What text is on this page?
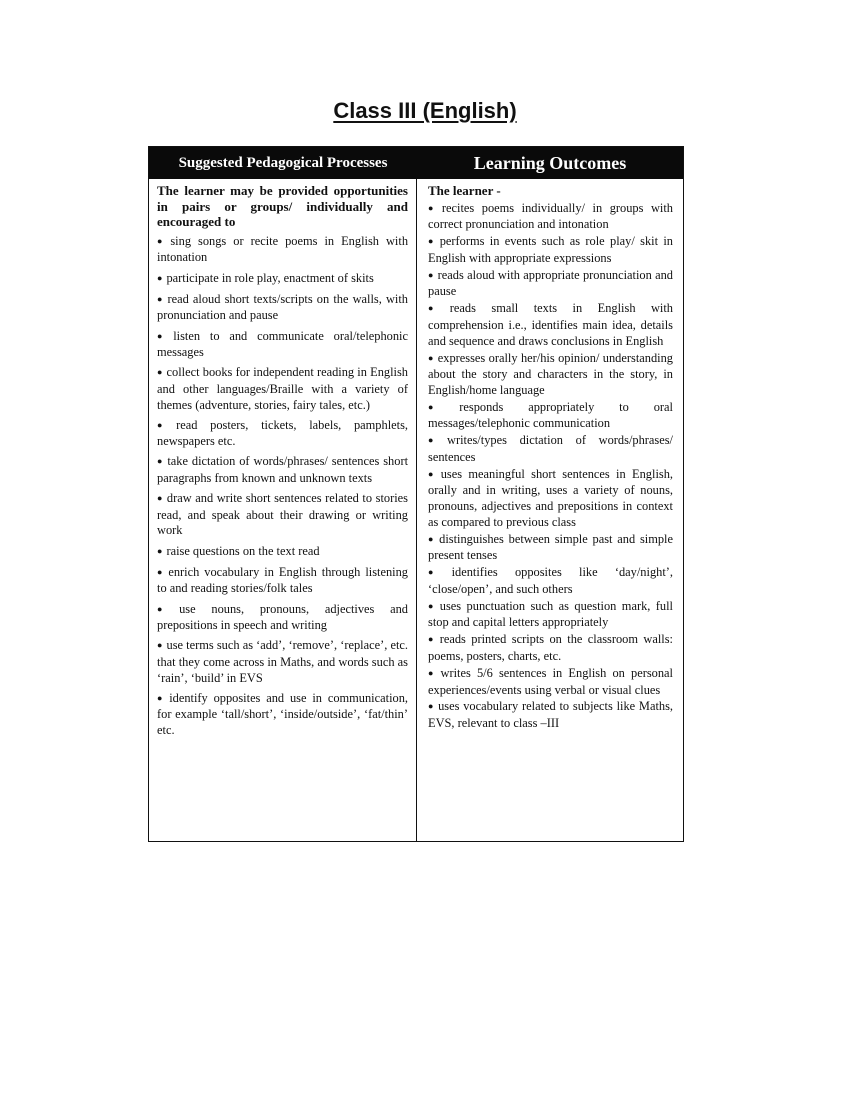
Class III (English)
Suggested Pedagogical Processes	Learning Outcomes
The learner may be provided opportunities in pairs or groups/ individually and encouraged to
● sing songs or recite poems in English with intonation
● participate in role play, enactment of skits
● read aloud short texts/scripts on the walls, with pronunciation and pause
● listen to and communicate oral/telephonic messages
● collect books for independent reading in English and other languages/Braille with a variety of themes (adventure, stories, fairy tales, etc.)
● read posters, tickets, labels, pamphlets, newspapers etc.
● take dictation of words/phrases/ sentences short paragraphs from known and unknown texts
● draw and write short sentences related to stories read, and speak about their drawing or writing work
● raise questions on the text read
● enrich vocabulary in English through listening to and reading stories/folk tales
● use nouns, pronouns, adjectives and prepositions in speech and writing
● use terms such as ‘add’, ‘remove’, ‘replace’, etc. that they come across in Maths, and words such as ‘rain’, ‘build’ in EVS
● identify opposites and use in communication, for example ‘tall/short’, ‘inside/outside’, ‘fat/thin’ etc.
The learner -
● recites poems individually/ in groups with correct pronunciation and intonation
● performs in events such as role play/ skit in English with appropriate expressions
● reads aloud with appropriate pronunciation and pause
● reads small texts in English with comprehension i.e., identifies main idea, details and sequence and draws conclusions in English
● expresses orally her/his opinion/ understanding about the story and characters in the story, in English/home language
● responds appropriately to oral messages/telephonic communication
● writes/types dictation of words/phrases/ sentences
● uses meaningful short sentences in English, orally and in writing, uses a variety of nouns, pronouns, adjectives and prepositions in context as compared to previous class
● distinguishes between simple past and simple present tenses
● identifies opposites like ‘day/night’, ‘close/open’, and such others
● uses punctuation such as question mark, full stop and capital letters appropriately
● reads printed scripts on the classroom walls: poems, posters, charts, etc.
● writes 5/6 sentences in English on personal experiences/events using verbal or visual clues
● uses vocabulary related to subjects like Maths, EVS, relevant to class –III
